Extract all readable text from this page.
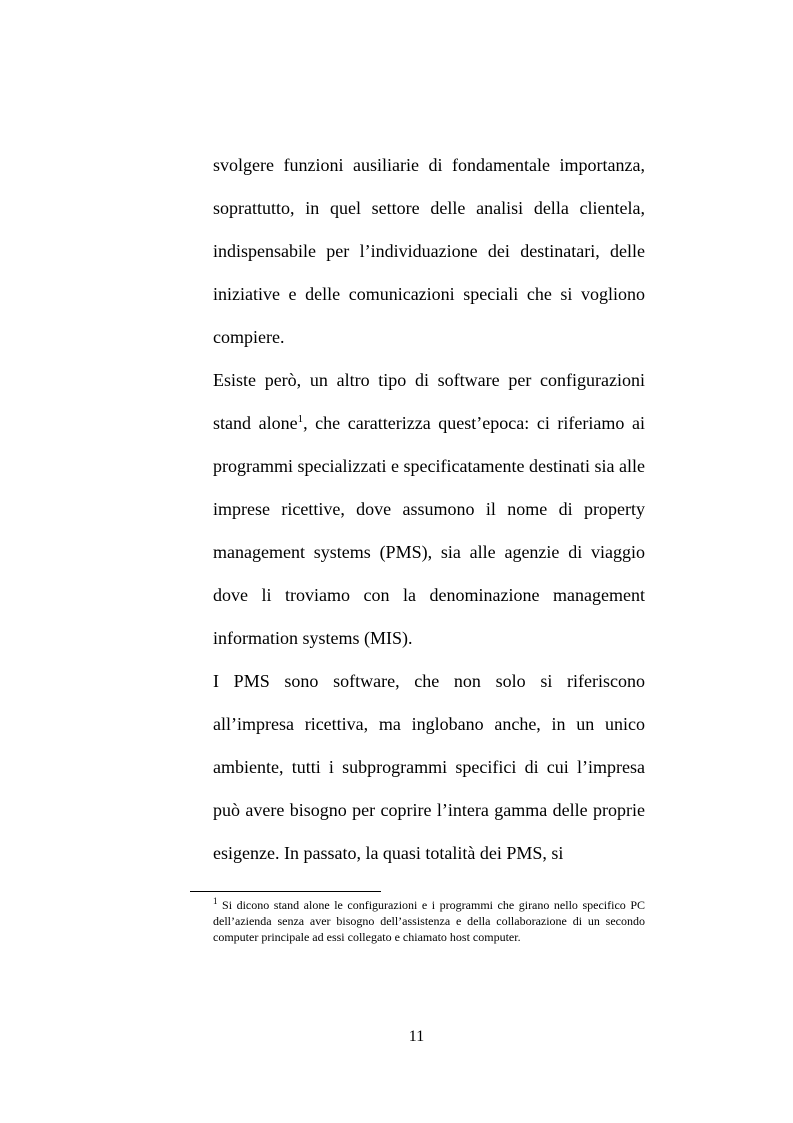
svolgere funzioni ausiliarie di fondamentale importanza, soprattutto, in quel settore delle analisi della clientela, indispensabile per l’individuazione dei destinatari, delle iniziative e delle comunicazioni speciali che si vogliono compiere.

Esiste però, un altro tipo di software per configurazioni stand alone$^1$, che caratterizza quest’epoca: ci riferiamo ai programmi specializzati e specificatamente destinati sia alle imprese ricettive, dove assumono il nome di property management systems (PMS), sia alle agenzie di viaggio dove li troviamo con la denominazione management information systems (MIS).

I PMS sono software, che non solo si riferiscono all’impresa ricettiva, ma inglobano anche, in un unico ambiente, tutti i subprogrammi specifici di cui l’impresa può avere bisogno per coprire l’intera gamma delle proprie esigenze. In passato, la quasi totalità dei PMS, si

$^1$ Si dicono stand alone le configurazioni e i programmi che girano nello specifico PC dell’azienda senza aver bisogno dell’assistenza e della collaborazione di un secondo computer principale ad essi collegato e chiamato host computer.

11
